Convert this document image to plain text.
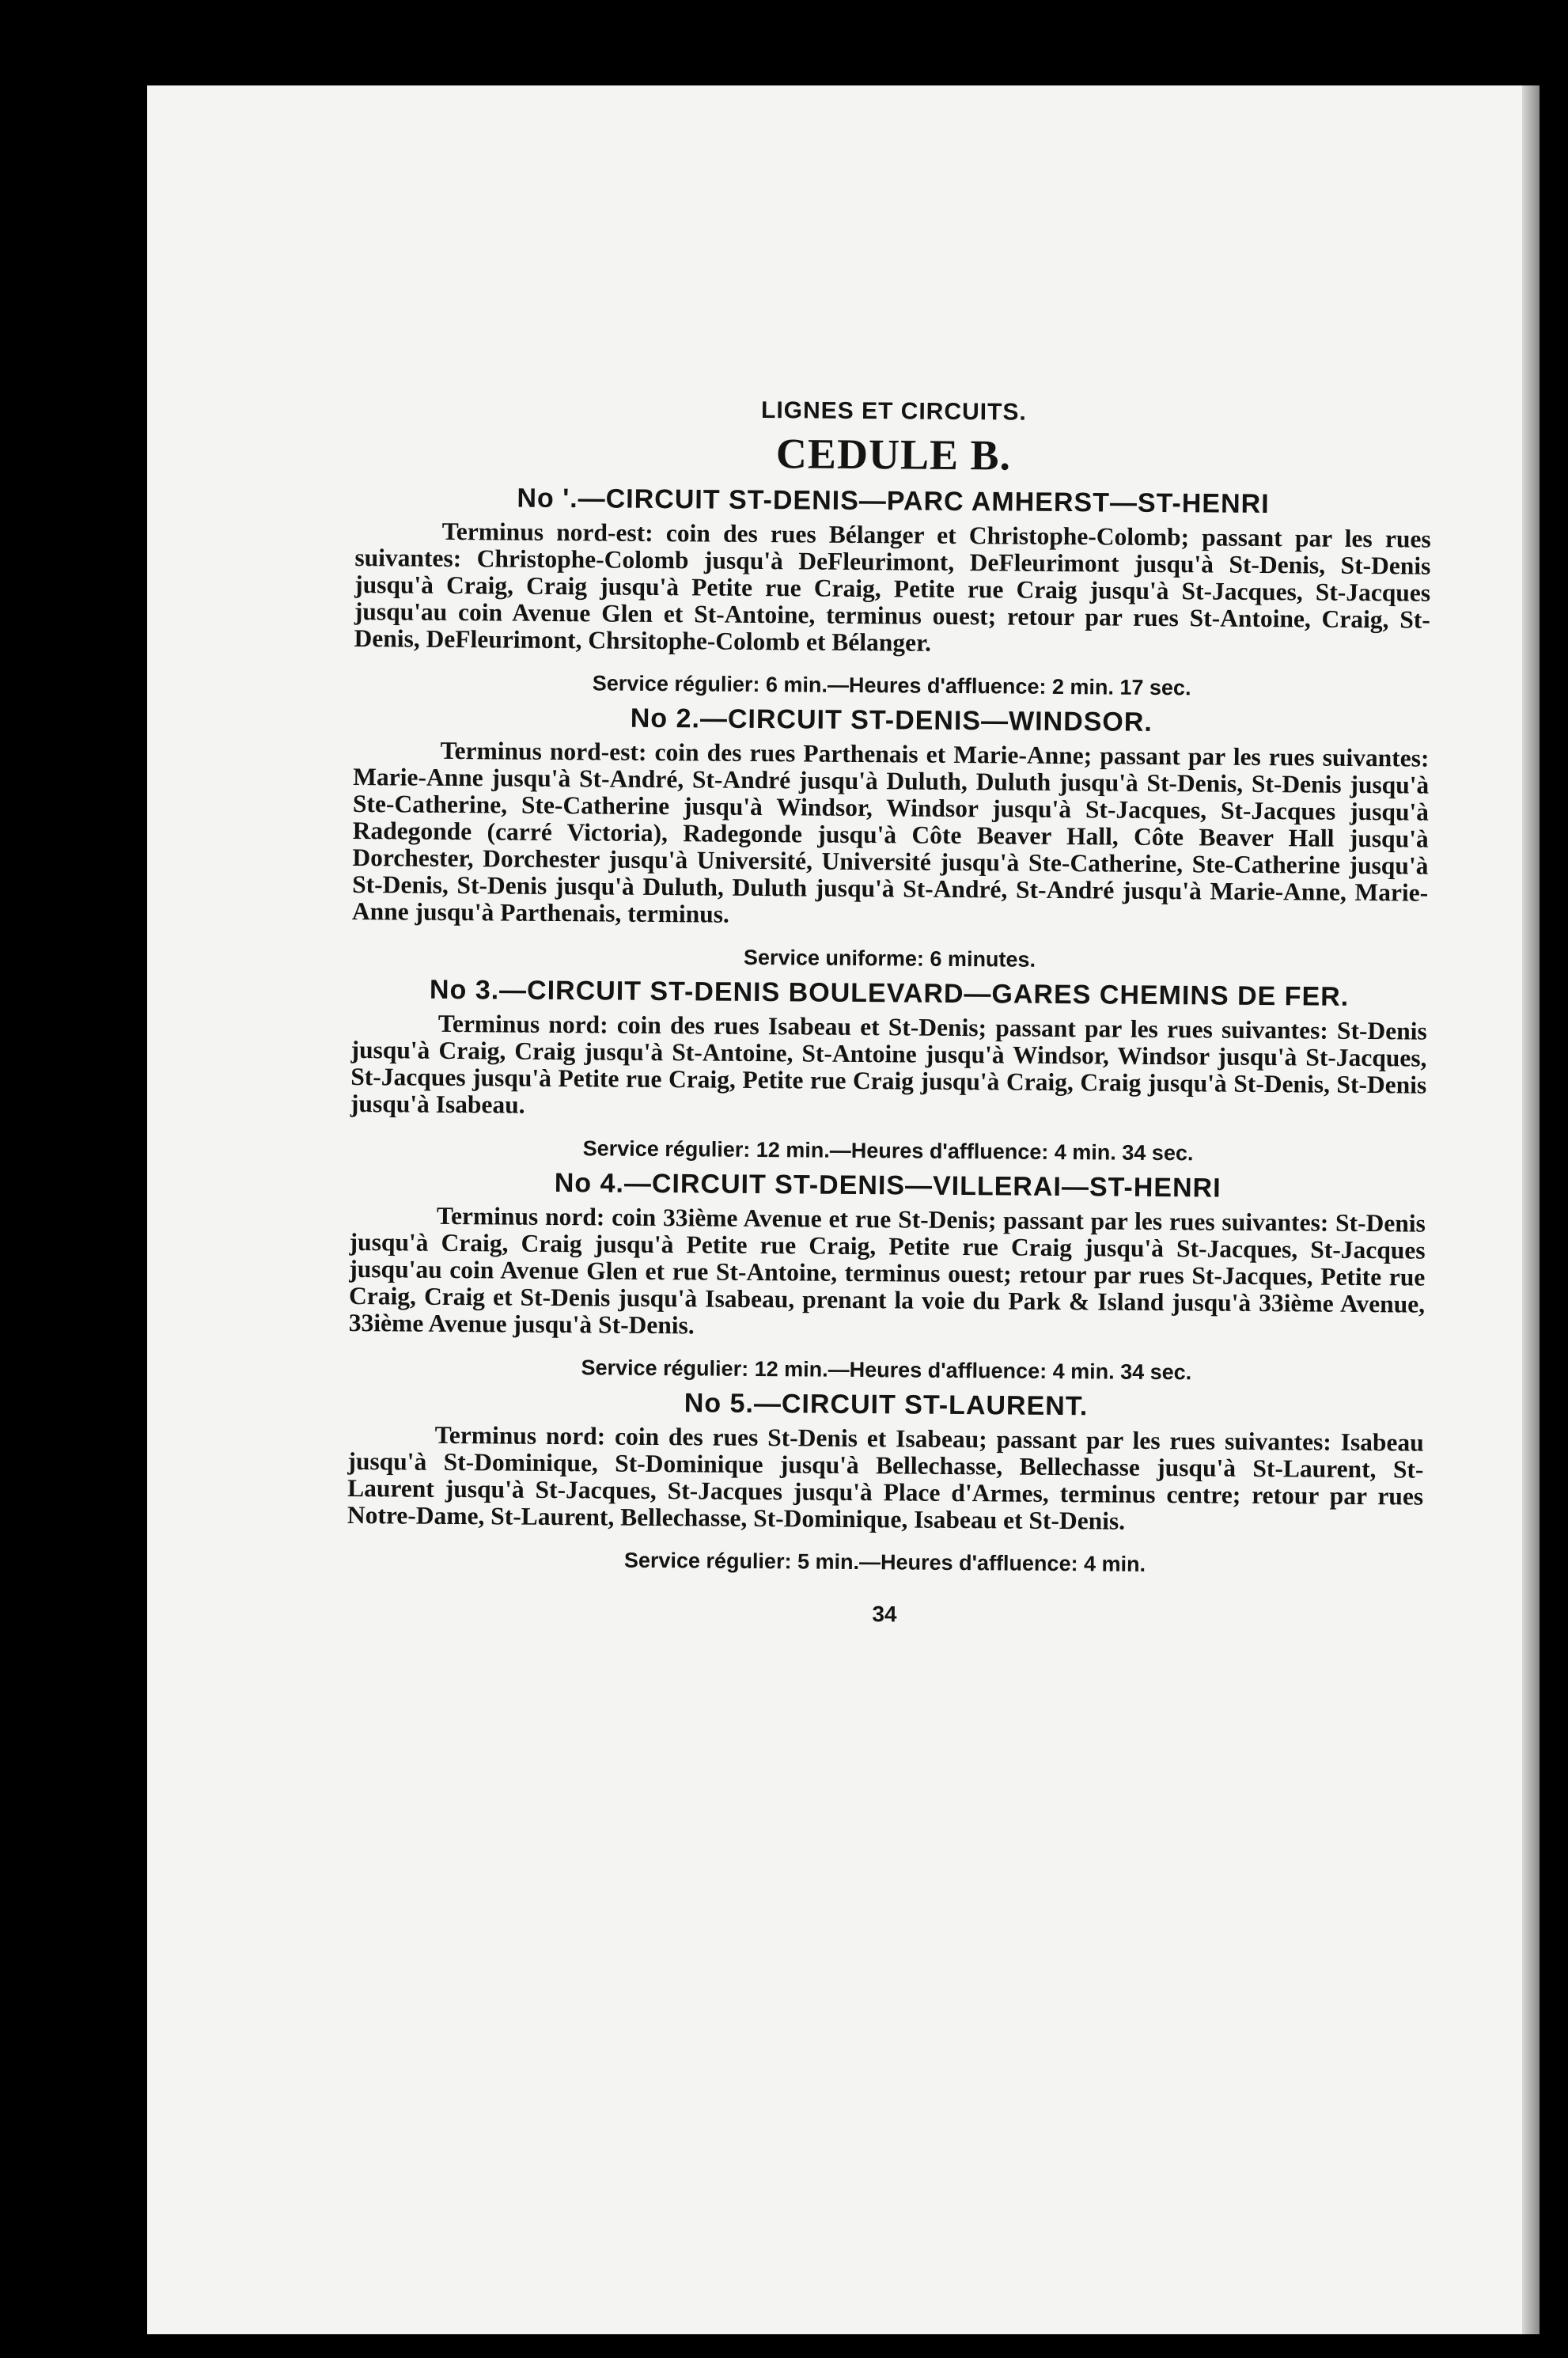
LIGNES ET CIRCUITS.
CEDULE B.
No '.—CIRCUIT ST-DENIS—PARC AMHERST—ST-HENRI

Terminus nord-est: coin des rues Bélanger et Christophe-Colomb; passant par les rues suivantes: Christophe-Colomb jusqu'à DeFleurimont, DeFleurimont jusqu'à St-Denis, St-Denis jusqu'à Craig, Craig jusqu'à Petite rue Craig, Petite rue Craig jusqu'à St-Jacques, St-Jacques jusqu'au coin Avenue Glen et St-Antoine, terminus ouest; retour par rues St-Antoine, Craig, St-Denis, DeFleurimont, Chrsitophe-Colomb et Bélanger.

Service régulier: 6 min.—Heures d'affluence: 2 min. 17 sec.
No 2.—CIRCUIT ST-DENIS—WINDSOR.

Terminus nord-est: coin des rues Parthenais et Marie-Anne; passant par les rues suivantes: Marie-Anne jusqu'à St-André, St-André jusqu'à Duluth, Duluth jusqu'à St-Denis, St-Denis jusqu'à Ste-Catherine, Ste-Catherine jusqu'à Windsor, Windsor jusqu'à St-Jacques, St-Jacques jusqu'à Radegonde (carré Victoria), Radegonde jusqu'à Côte Beaver Hall, Côte Beaver Hall jusqu'à Dorchester, Dorchester jusqu'à Université, Université jusqu'à Ste-Catherine, Ste-Catherine jusqu'à St-Denis, St-Denis jusqu'à Duluth, Duluth jusqu'à St-André, St-André jusqu'à Marie-Anne, Marie-Anne jusqu'à Parthenais, terminus.

Service uniforme: 6 minutes.
No 3.—CIRCUIT ST-DENIS BOULEVARD—GARES CHEMINS DE FER.

Terminus nord: coin des rues Isabeau et St-Denis; passant par les rues suivantes: St-Denis jusqu'à Craig, Craig jusqu'à St-Antoine, St-Antoine jusqu'à Windsor, Windsor jusqu'à St-Jacques, St-Jacques jusqu'à Petite rue Craig, Petite rue Craig jusqu'à Craig, Craig jusqu'à St-Denis, St-Denis jusqu'à Isabeau.

Service régulier: 12 min.—Heures d'affluence: 4 min. 34 sec.
No 4.—CIRCUIT ST-DENIS—VILLERAI—ST-HENRI

Terminus nord: coin 33ième Avenue et rue St-Denis; passant par les rues suivantes: St-Denis jusqu'à Craig, Craig jusqu'à Petite rue Craig, Petite rue Craig jusqu'à St-Jacques, St-Jacques jusqu'au coin Avenue Glen et rue St-Antoine, terminus ouest; retour par rues St-Jacques, Petite rue Craig, Craig et St-Denis jusqu'à Isabeau, prenant la voie du Park & Island jusqu'à 33ième Avenue, 33ième Avenue jusqu'à St-Denis.

Service régulier: 12 min.—Heures d'affluence: 4 min. 34 sec.
No 5.—CIRCUIT ST-LAURENT.

Terminus nord: coin des rues St-Denis et Isabeau; passant par les rues suivantes: Isabeau jusqu'à St-Dominique, St-Dominique jusqu'à Bellechasse, Bellechasse jusqu'à St-Laurent, St-Laurent jusqu'à St-Jacques, St-Jacques jusqu'à Place d'Armes, terminus centre; retour par rues Notre-Dame, St-Laurent, Bellechasse, St-Dominique, Isabeau et St-Denis.

Service régulier: 5 min.—Heures d'affluence: 4 min.
34
